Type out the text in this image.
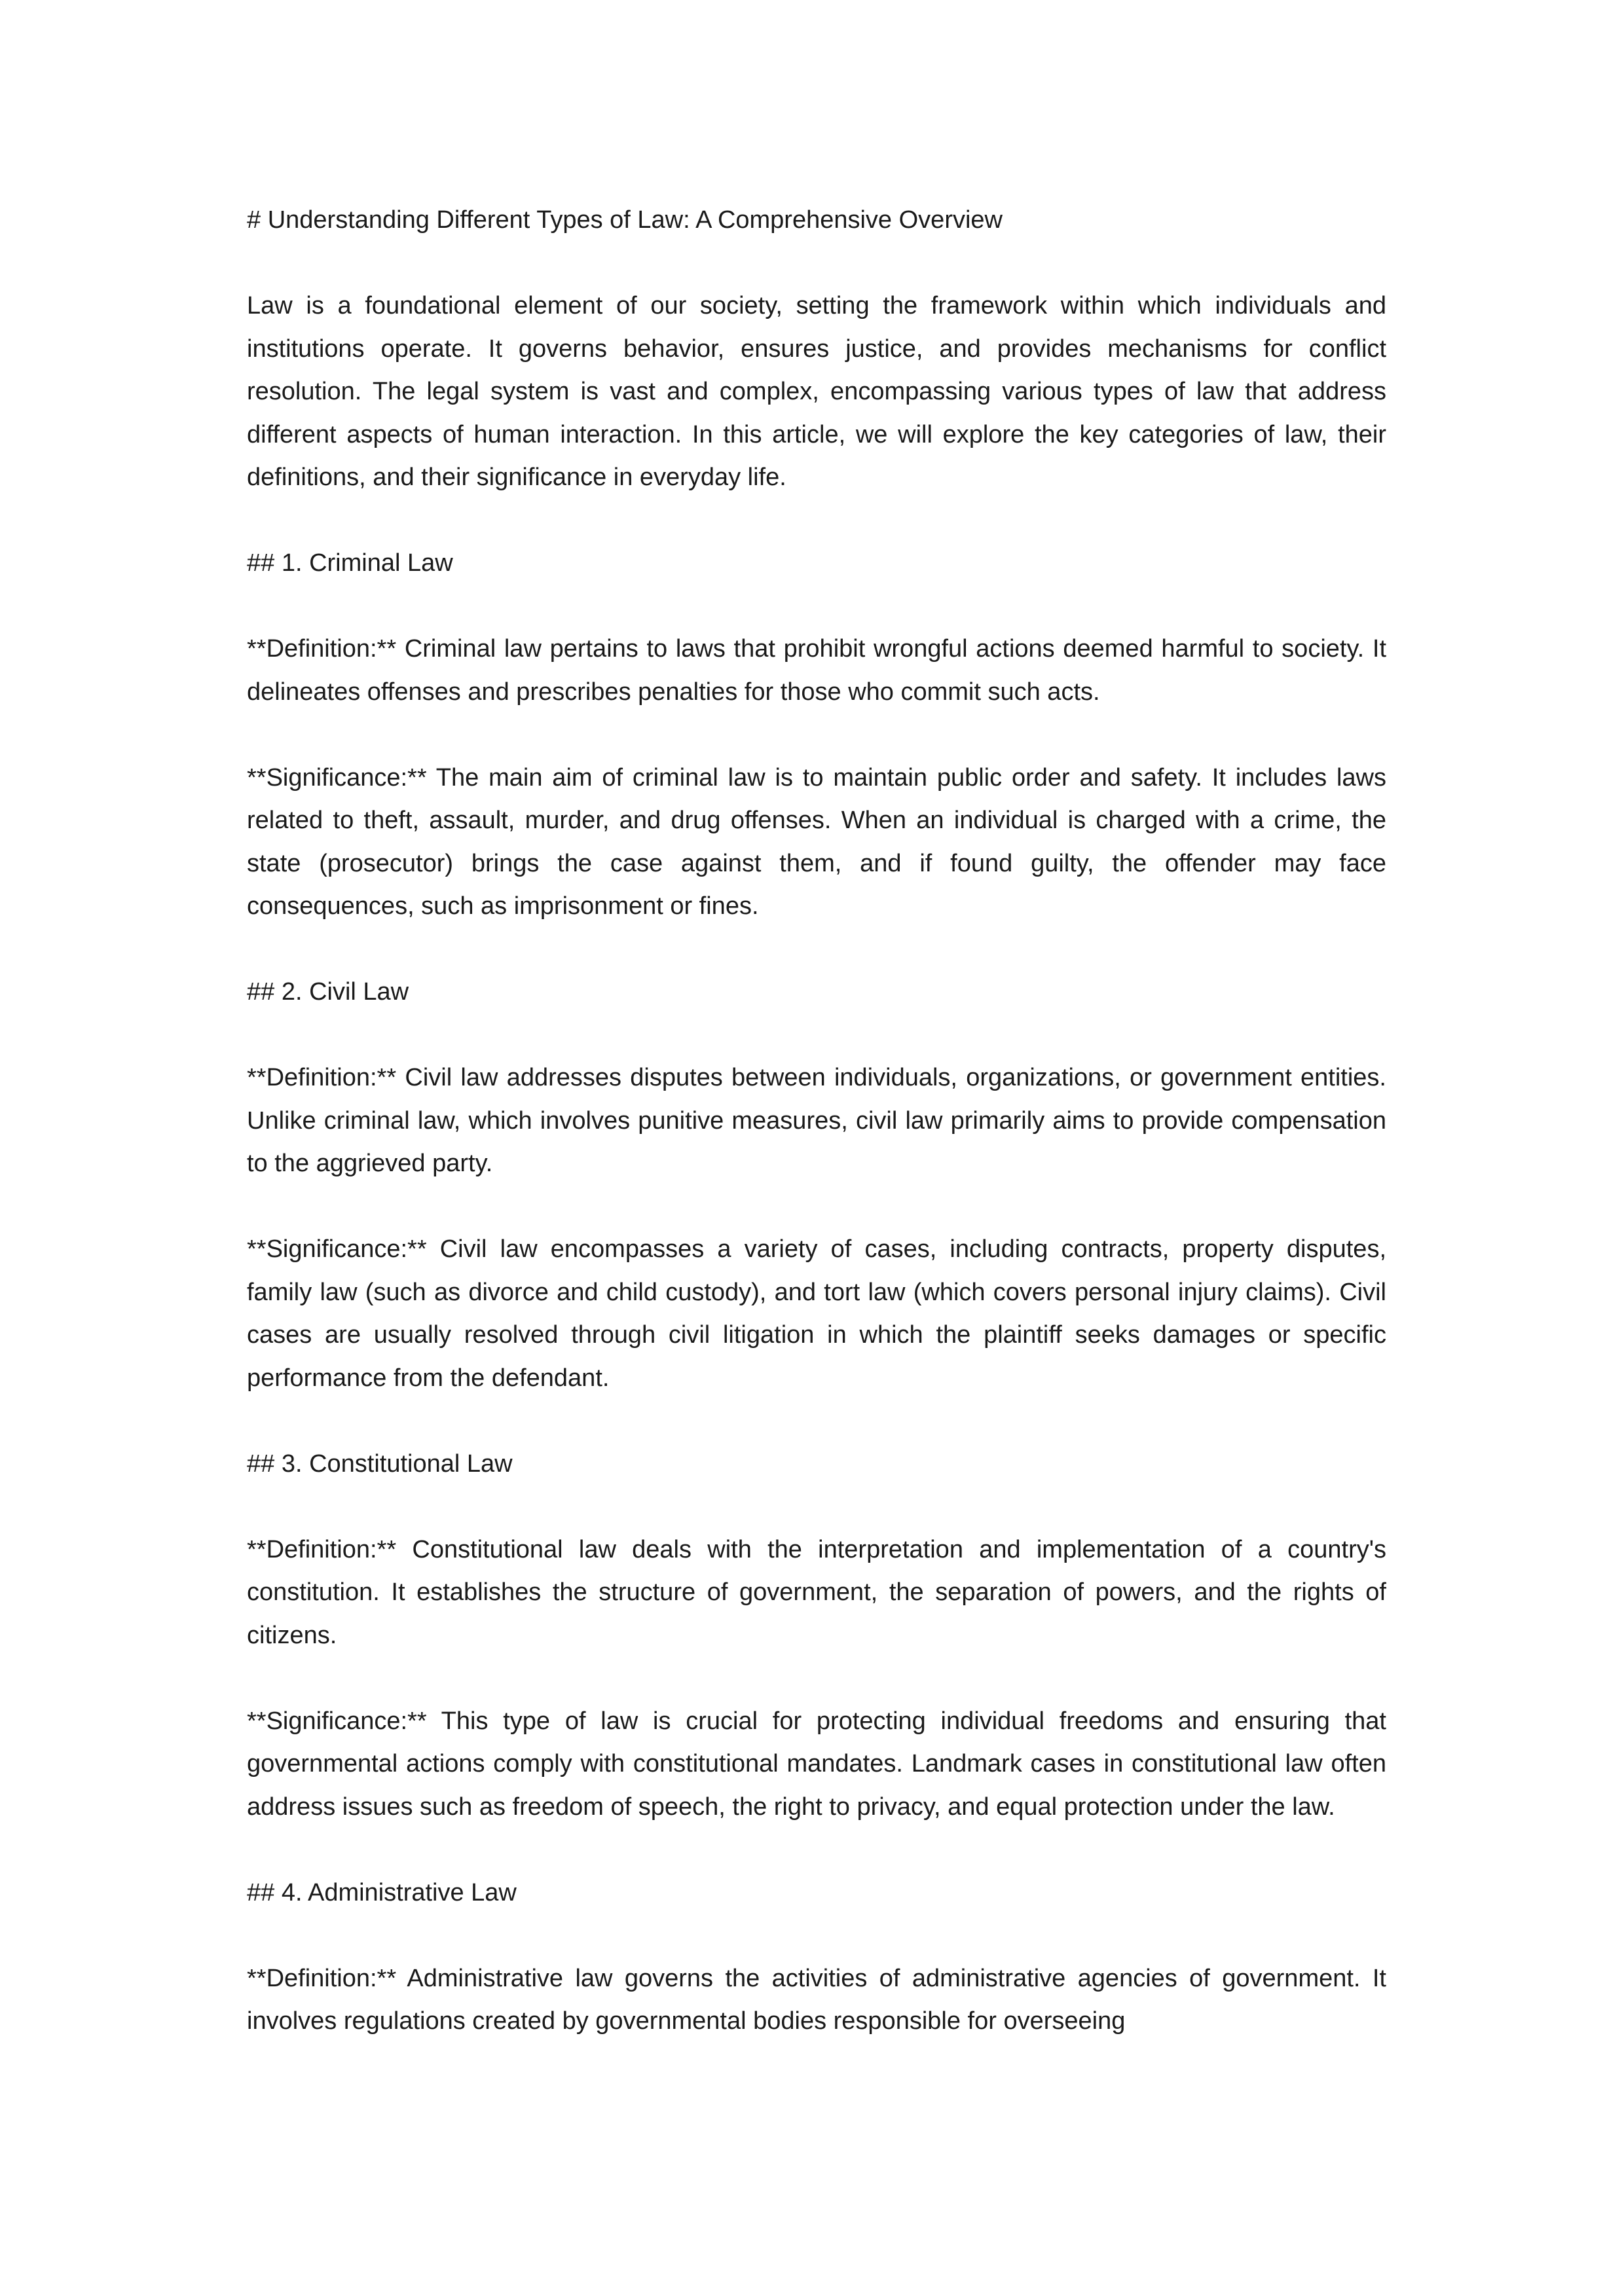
# Understanding Different Types of Law: A Comprehensive Overview

Law is a foundational element of our society, setting the framework within which individuals and institutions operate. It governs behavior, ensures justice, and provides mechanisms for conflict resolution. The legal system is vast and complex, encompassing various types of law that address different aspects of human interaction. In this article, we will explore the key categories of law, their definitions, and their significance in everyday life.

## 1. Criminal Law

**Definition:** Criminal law pertains to laws that prohibit wrongful actions deemed harmful to society. It delineates offenses and prescribes penalties for those who commit such acts.

**Significance:** The main aim of criminal law is to maintain public order and safety. It includes laws related to theft, assault, murder, and drug offenses. When an individual is charged with a crime, the state (prosecutor) brings the case against them, and if found guilty, the offender may face consequences, such as imprisonment or fines.

## 2. Civil Law

**Definition:** Civil law addresses disputes between individuals, organizations, or government entities. Unlike criminal law, which involves punitive measures, civil law primarily aims to provide compensation to the aggrieved party.

**Significance:** Civil law encompasses a variety of cases, including contracts, property disputes, family law (such as divorce and child custody), and tort law (which covers personal injury claims). Civil cases are usually resolved through civil litigation in which the plaintiff seeks damages or specific performance from the defendant.

## 3. Constitutional Law

**Definition:** Constitutional law deals with the interpretation and implementation of a country's constitution. It establishes the structure of government, the separation of powers, and the rights of citizens.

**Significance:** This type of law is crucial for protecting individual freedoms and ensuring that governmental actions comply with constitutional mandates. Landmark cases in constitutional law often address issues such as freedom of speech, the right to privacy, and equal protection under the law.

## 4. Administrative Law

**Definition:** Administrative law governs the activities of administrative agencies of government. It involves regulations created by governmental bodies responsible for overseeing
